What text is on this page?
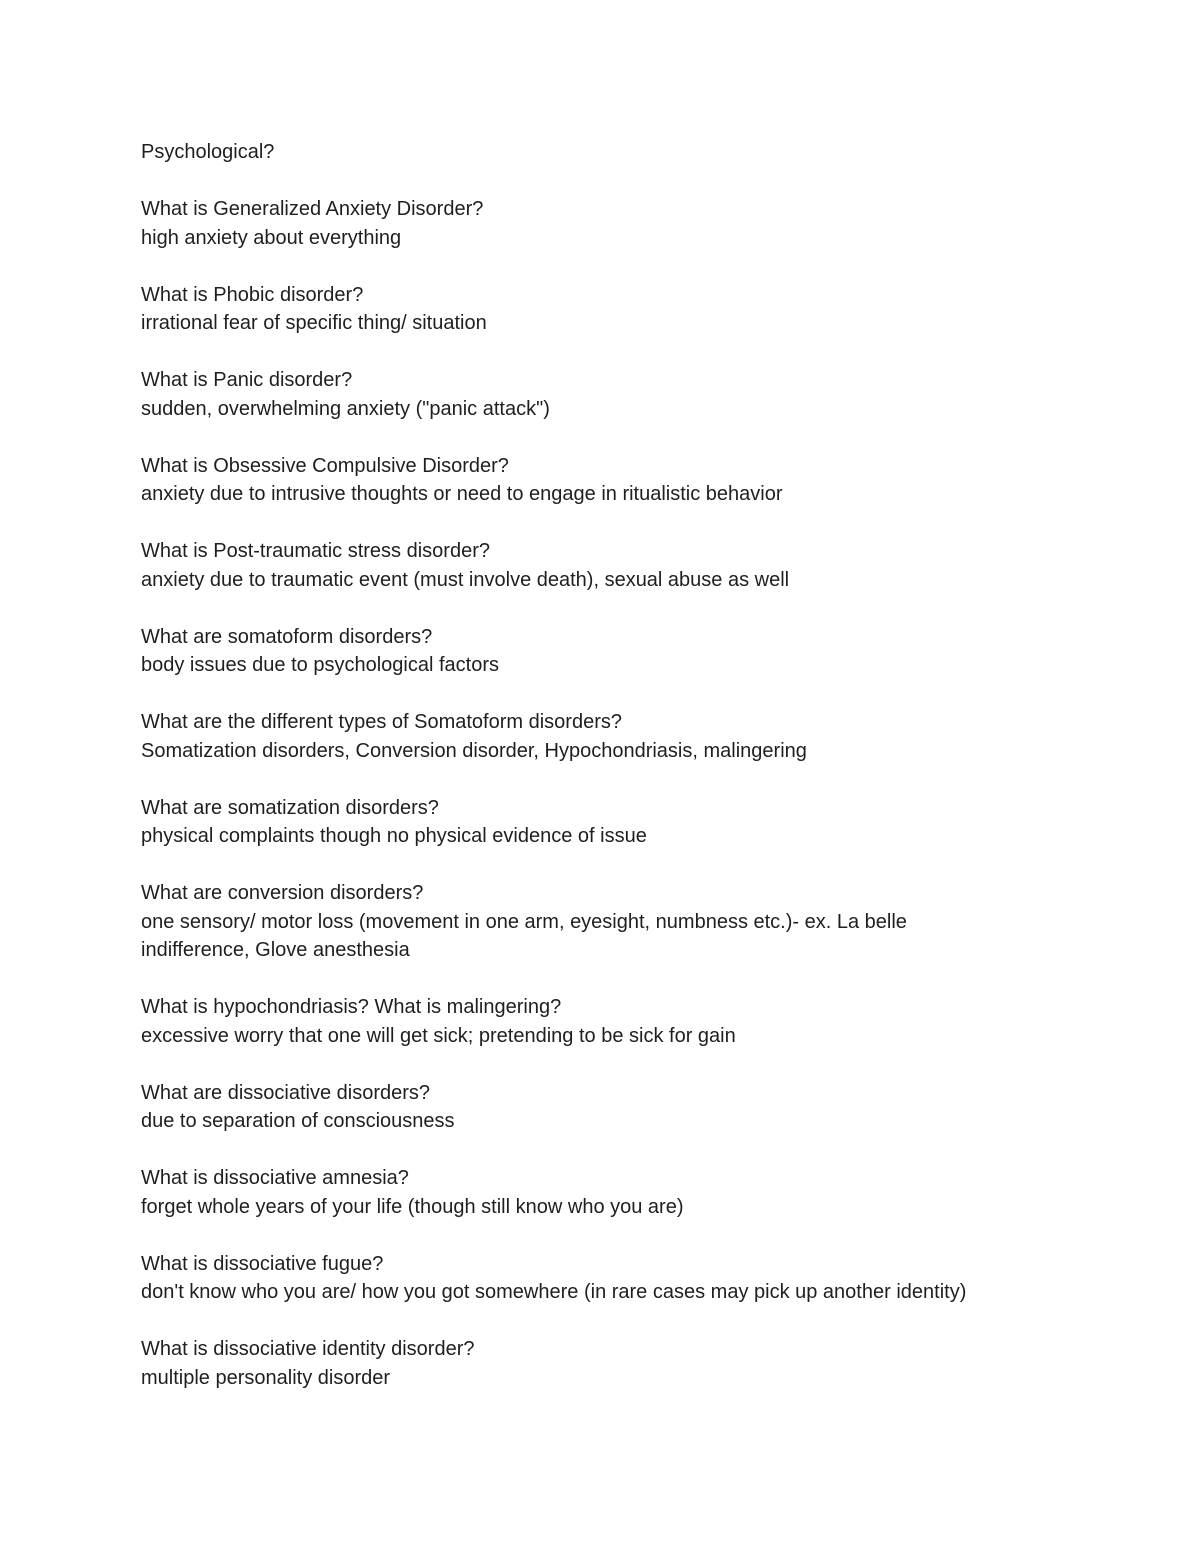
Psychological?
What is Generalized Anxiety Disorder?
high anxiety about everything
What is Phobic disorder?
irrational fear of specific thing/ situation
What is Panic disorder?
sudden, overwhelming anxiety ("panic attack")
What is Obsessive Compulsive Disorder?
anxiety due to intrusive thoughts or need to engage in ritualistic behavior
What is Post-traumatic stress disorder?
anxiety due to traumatic event (must involve death), sexual abuse as well
What are somatoform disorders?
body issues due to psychological factors
What are the different types of Somatoform disorders?
Somatization disorders, Conversion disorder, Hypochondriasis, malingering
What are somatization disorders?
physical complaints though no physical evidence of issue
What are conversion disorders?
one sensory/ motor loss (movement in one arm, eyesight, numbness etc.)- ex. La belle indifference, Glove anesthesia
What is hypochondriasis? What is malingering?
excessive worry that one will get sick; pretending to be sick for gain
What are dissociative disorders?
due to separation of consciousness
What is dissociative amnesia?
forget whole years of your life (though still know who you are)
What is dissociative fugue?
don't know who you are/ how you got somewhere (in rare cases may pick up another identity)
What is dissociative identity disorder?
multiple personality disorder
